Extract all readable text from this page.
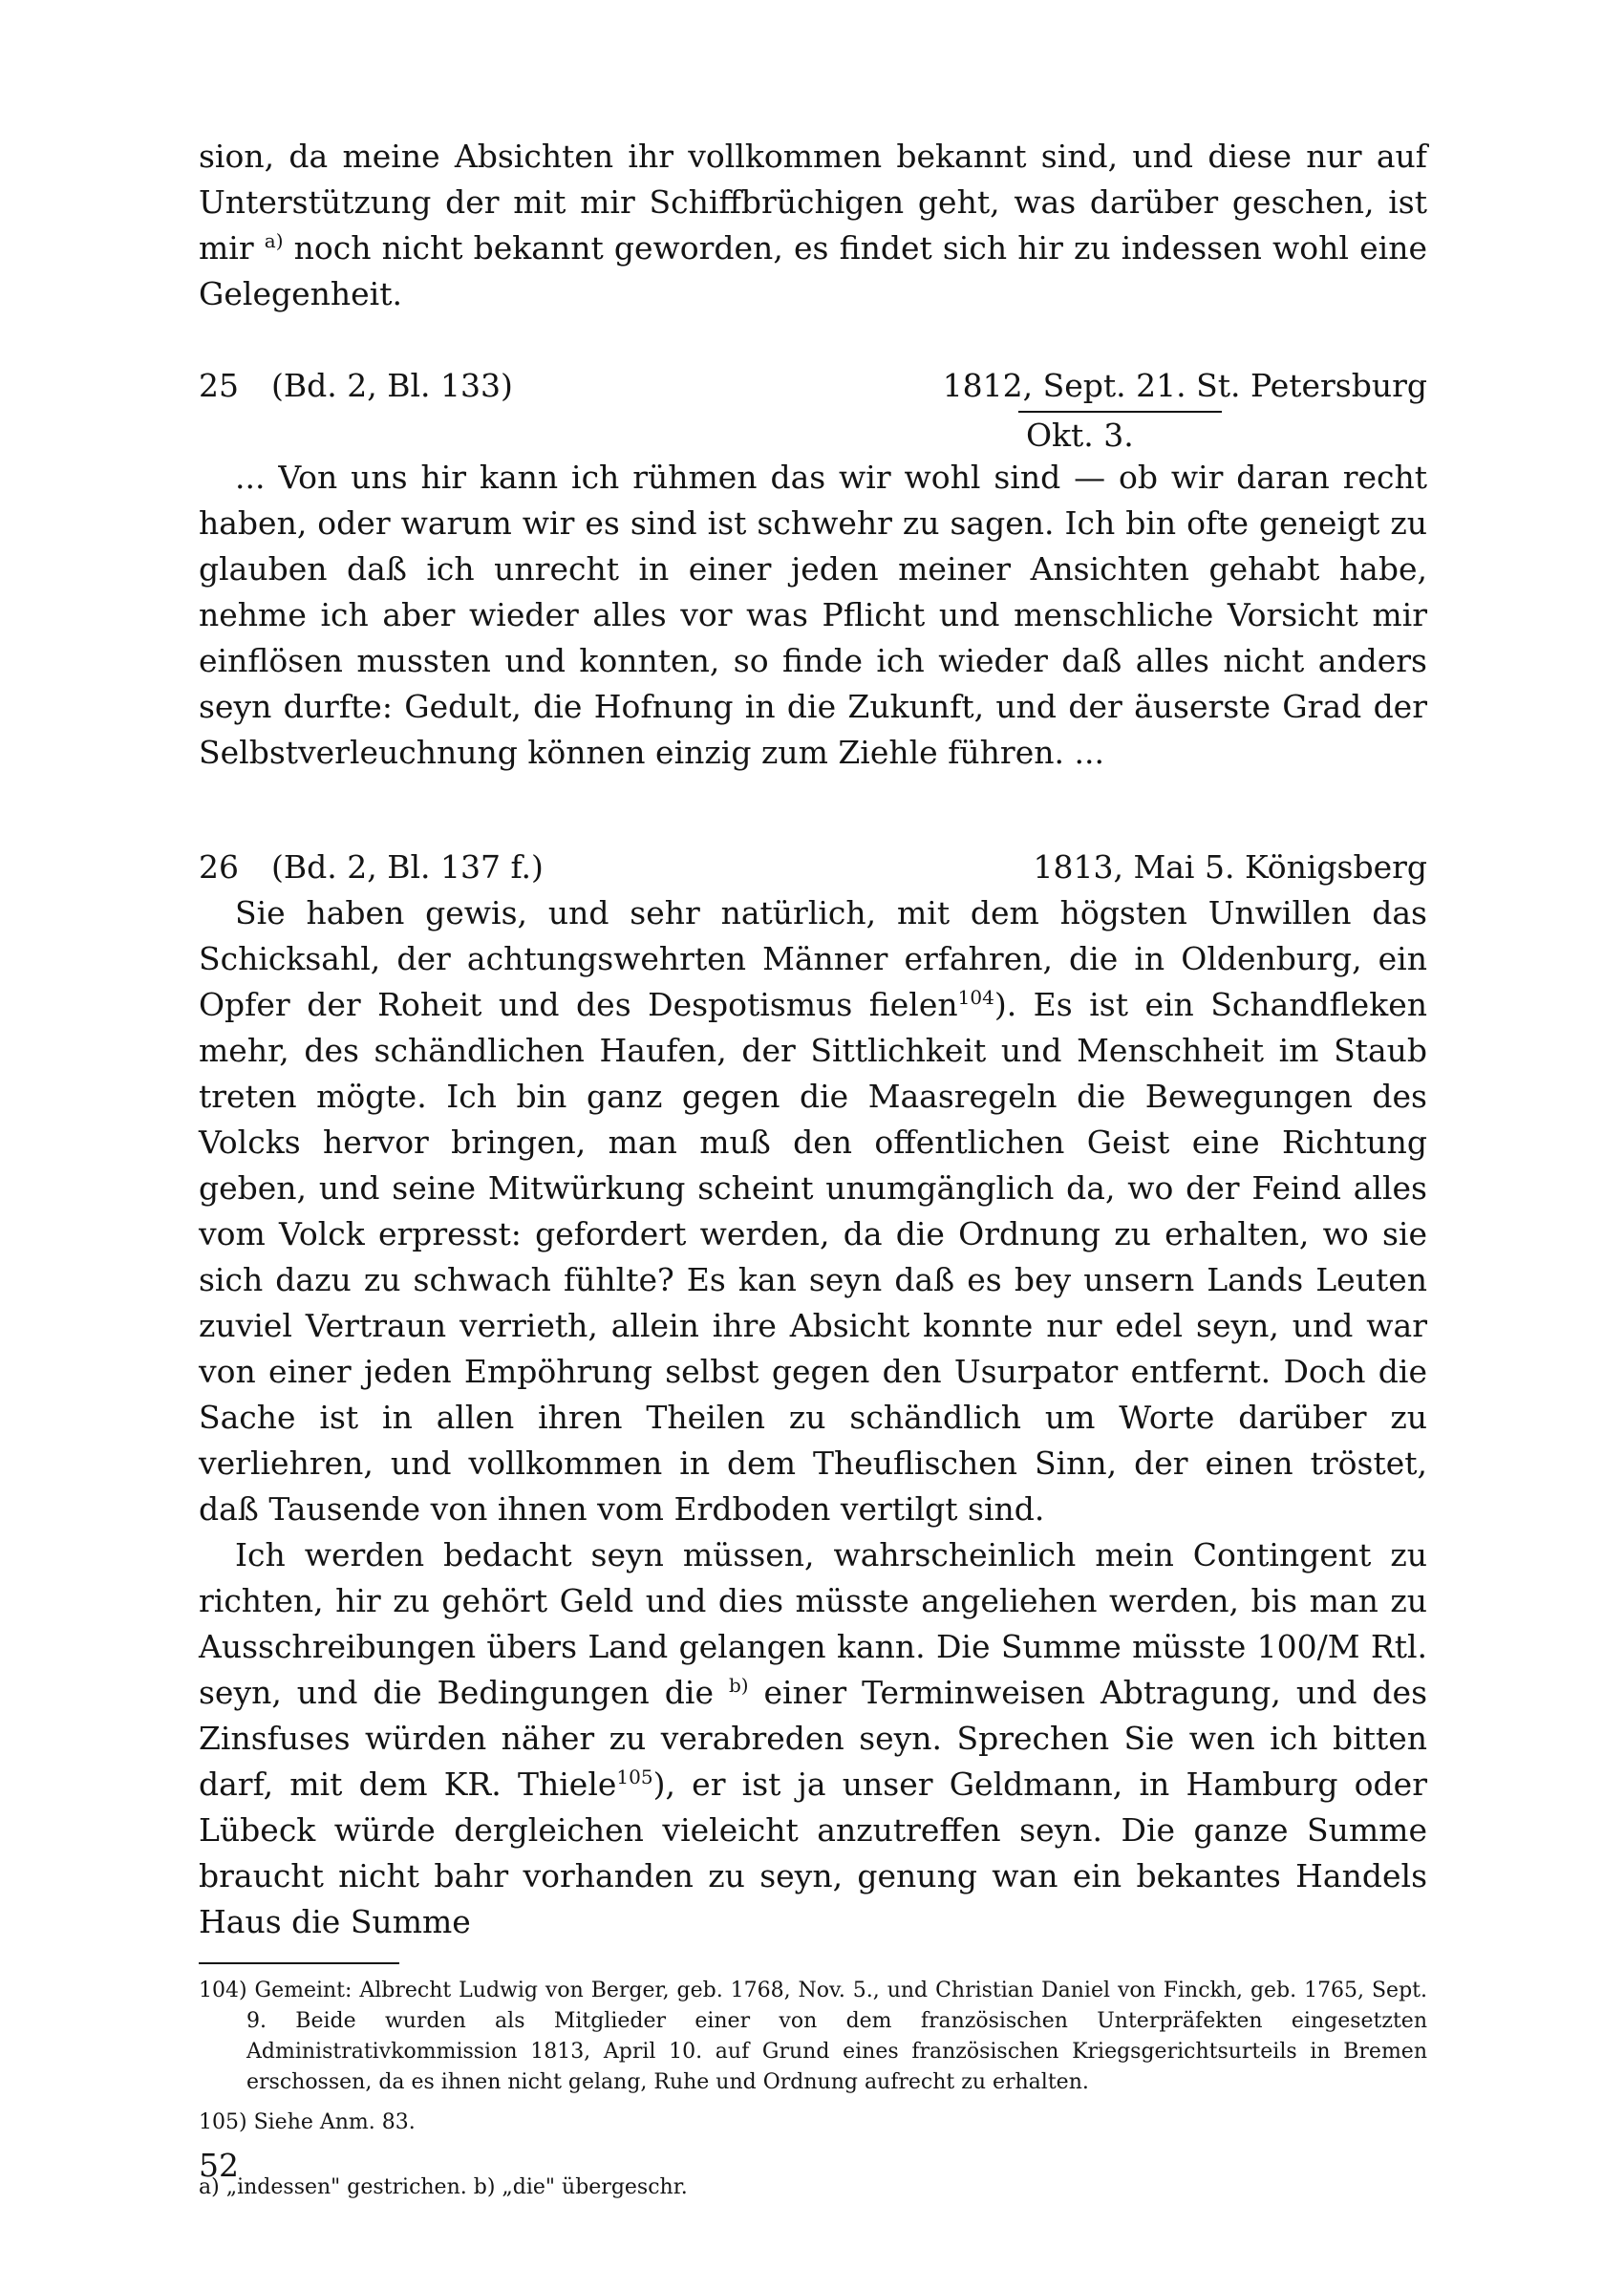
sion, da meine Absichten ihr vollkommen bekannt sind, und diese nur auf Unterstützung der mit mir Schiffbrüchigen geht, was darüber geschen, ist mir $^{a)}$ noch nicht bekannt geworden, es findet sich hir zu indessen wohl eine Gelegenheit.

25 (Bd. 2, Bl. 133)	1812, Sept. 21. St. Petersburg
Okt. 3.

... Von uns hir kann ich rühmen das wir wohl sind — ob wir daran recht haben, oder warum wir es sind ist schwehr zu sagen. Ich bin ofte geneigt zu glauben daß ich unrecht in einer jeden meiner Ansichten gehabt habe, nehme ich aber wieder alles vor was Pflicht und menschliche Vorsicht mir einflösen mussten und konnten, so finde ich wieder daß alles nicht anders seyn durfte: Gedult, die Hofnung in die Zukunft, und der äuserste Grad der Selbstverleuchnung können einzig zum Ziehle führen. ...

26 (Bd. 2, Bl. 137 f.)	1813, Mai 5. Königsberg

Sie haben gewis, und sehr natürlich, mit dem högsten Unwillen das Schicksahl, der achtungswehrten Männer erfahren, die in Oldenburg, ein Opfer der Roheit und des Despotismus fielen$^{104}$). Es ist ein Schandfleken mehr, des schändlichen Haufen, der Sittlichkeit und Menschheit im Staub treten mögte. Ich bin ganz gegen die Maasregeln die Bewegungen des Volcks hervor bringen, man muß den offentlichen Geist eine Richtung geben, und seine Mitwürkung scheint unumgänglich da, wo der Feind alles vom Volck erpresst: gefordert werden, da die Ordnung zu erhalten, wo sie sich dazu zu schwach fühlte? Es kan seyn daß es bey unsern Lands Leuten zuviel Vertraun verrieth, allein ihre Absicht konnte nur edel seyn, und war von einer jeden Empöhrung selbst gegen den Usurpator entfernt. Doch die Sache ist in allen ihren Theilen zu schändlich um Worte darüber zu verliehren, und vollkommen in dem Theuflischen Sinn, der einen tröstet, daß Tausende von ihnen vom Erdboden vertilgt sind.

Ich werden bedacht seyn müssen, wahrscheinlich mein Contingent zu richten, hir zu gehört Geld und dies müsste angeliehen werden, bis man zu Ausschreibungen übers Land gelangen kann. Die Summe müsste 100/M Rtl. seyn, und die Bedingungen die $^{b)}$ einer Terminweisen Abtragung, und des Zinsfuses würden näher zu verabreden seyn. Sprechen Sie wen ich bitten darf, mit dem KR. Thiele$^{105}$), er ist ja unser Geldmann, in Hamburg oder Lübeck würde dergleichen vieleicht anzutreffen seyn. Die ganze Summe braucht nicht bahr vorhanden zu seyn, genung wan ein bekantes Handels Haus die Summe

104) Gemeint: Albrecht Ludwig von Berger, geb. 1768, Nov. 5., und Christian Daniel von Finckh, geb. 1765, Sept. 9. Beide wurden als Mitglieder einer von dem französischen Unterpräfekten eingesetzten Administrativkommission 1813, April 10. auf Grund eines französischen Kriegsgerichtsurteils in Bremen erschossen, da es ihnen nicht gelang, Ruhe und Ordnung aufrecht zu erhalten.

105) Siehe Anm. 83.

a) „indessen" gestrichen. b) „die" übergeschr.

52
